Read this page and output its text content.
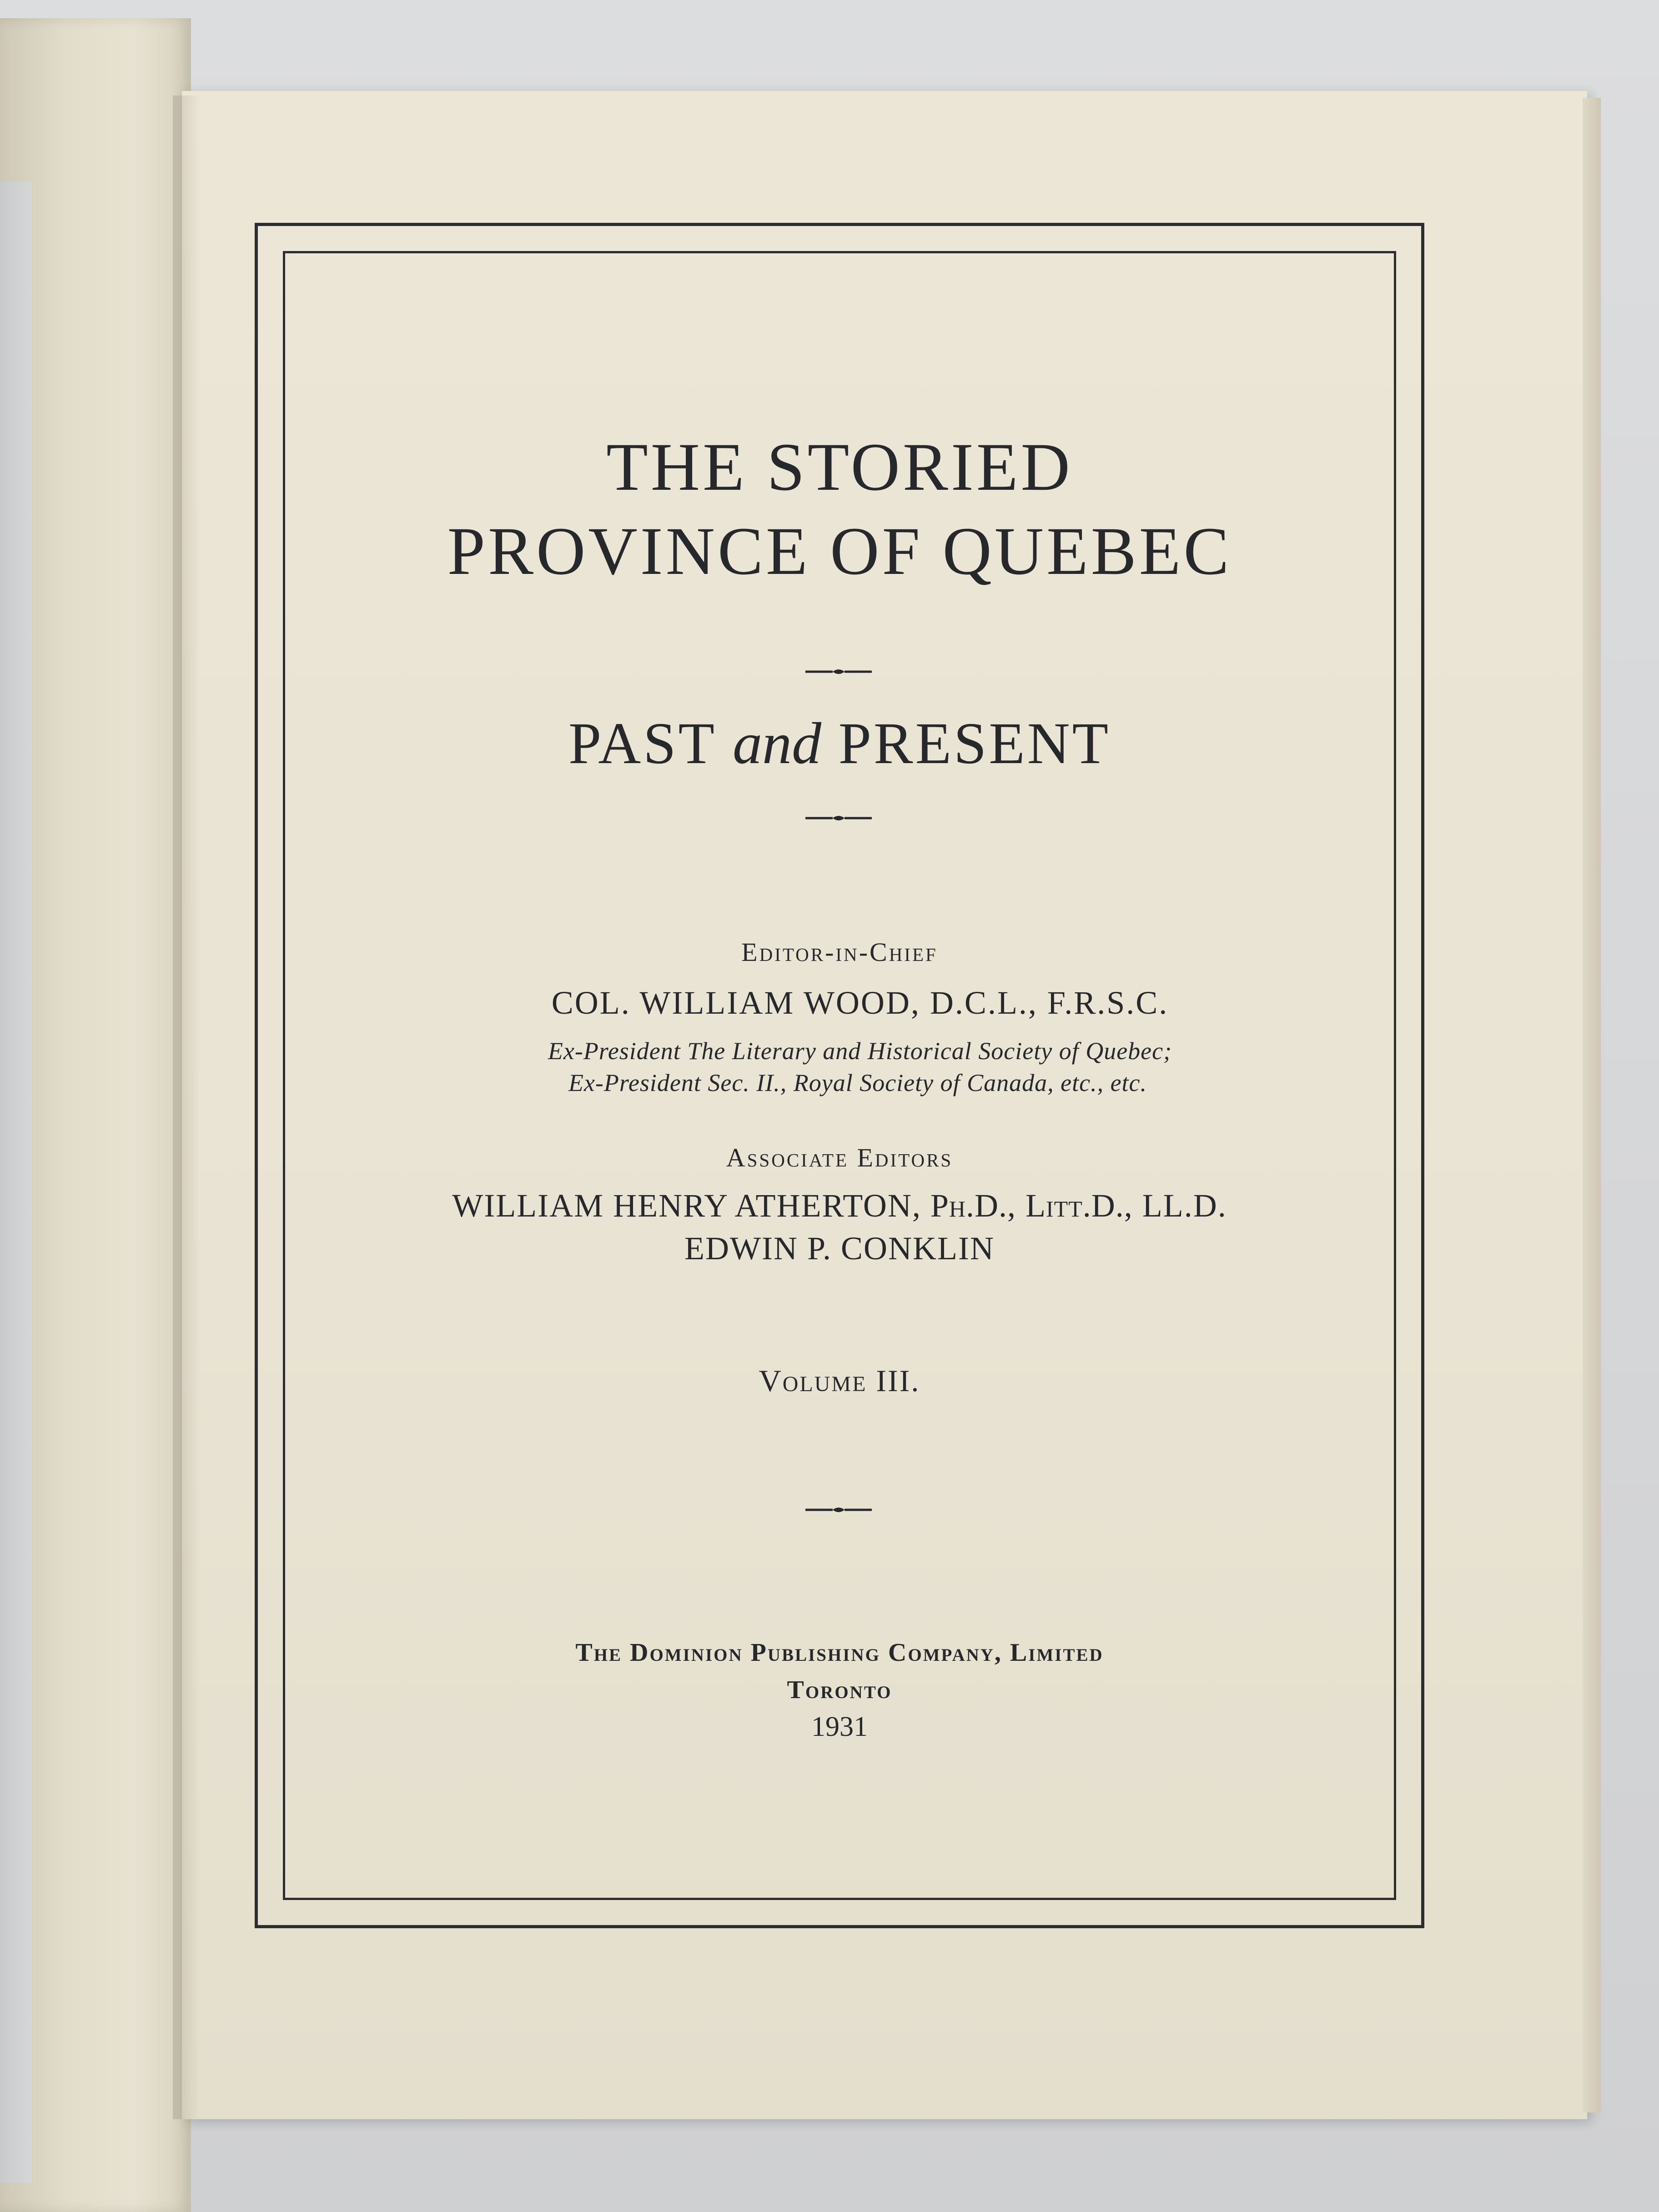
THE STORIED
PROVINCE OF QUEBEC
PAST and PRESENT
Editor-in-Chief
COL. WILLIAM WOOD, D.C.L., F.R.S.C.
Ex-President The Literary and Historical Society of Quebec;
Ex-President Sec. II., Royal Society of Canada, etc., etc.
Associate Editors
WILLIAM HENRY ATHERTON, Ph.D., Litt.D., LL.D.
EDWIN P. CONKLIN
Volume III.
The Dominion Publishing Company, Limited
Toronto
1931
